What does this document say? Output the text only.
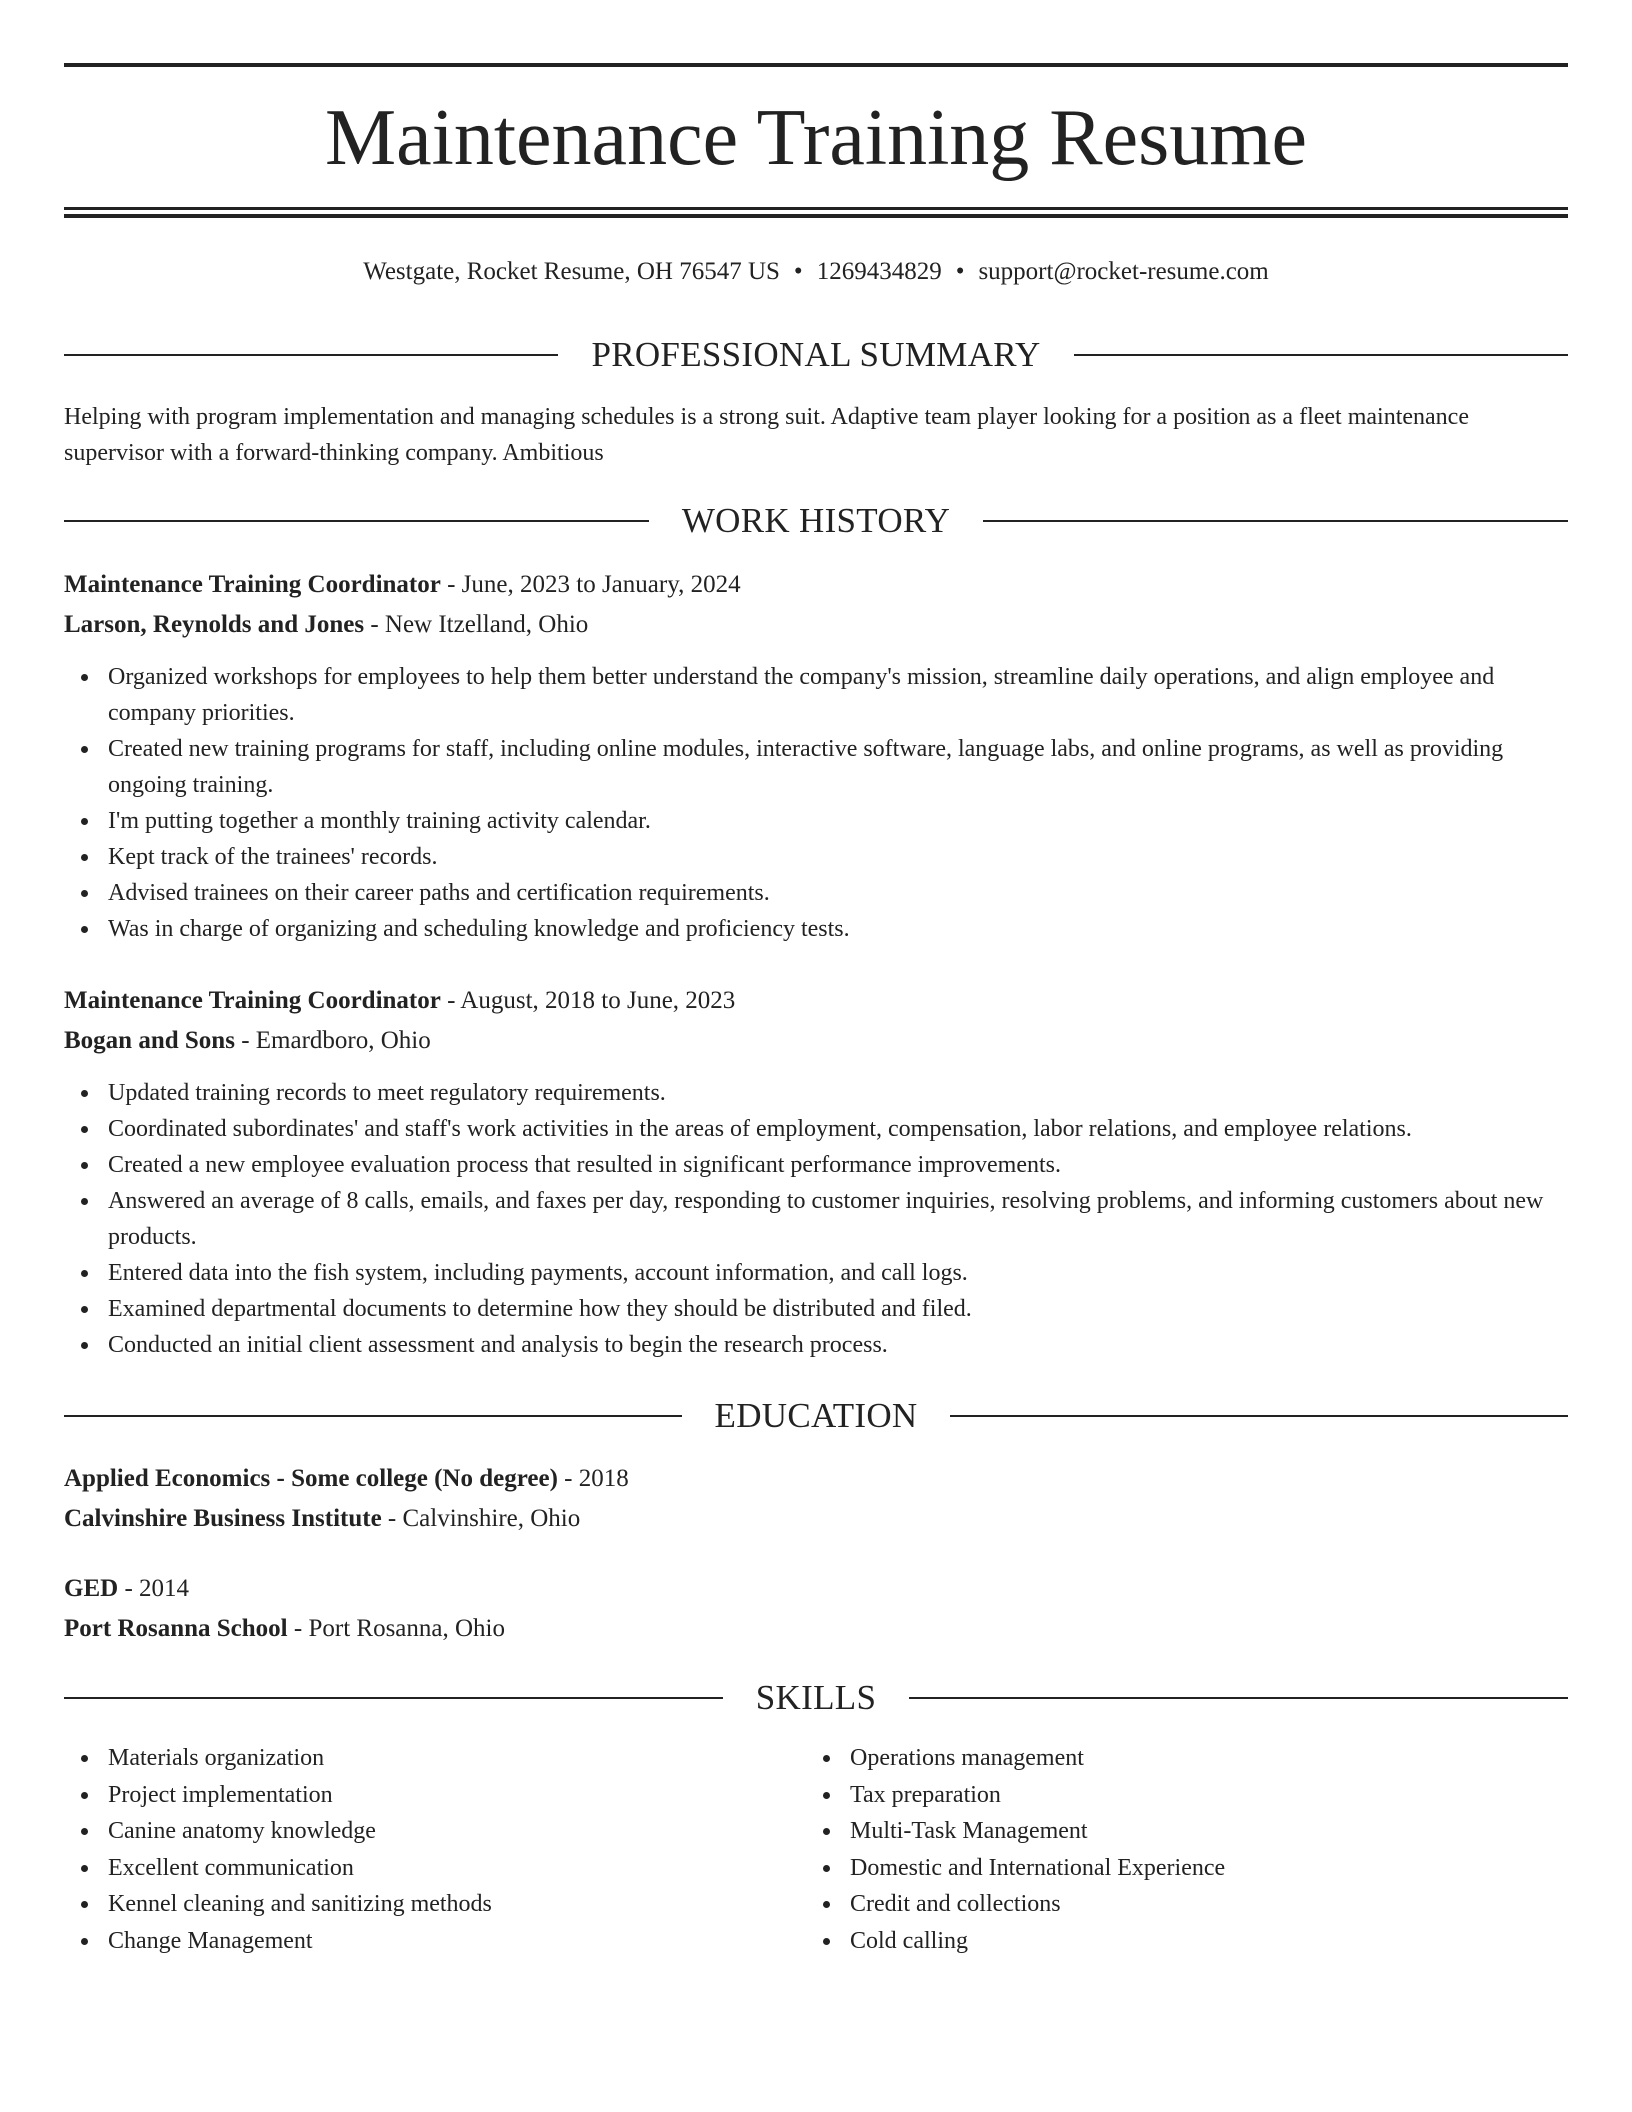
Maintenance Training Resume
Westgate, Rocket Resume, OH 76547 US • 1269434829 • support@rocket-resume.com
PROFESSIONAL SUMMARY

Helping with program implementation and managing schedules is a strong suit. Adaptive team player looking for a position as a fleet maintenance supervisor with a forward-thinking company. Ambitious

WORK HISTORY
Maintenance Training Coordinator - June, 2023 to January, 2024
Larson, Reynolds and Jones - New Itzelland, Ohio
Organized workshops for employees to help them better understand the company's mission, streamline daily operations, and align employee and company priorities.
Created new training programs for staff, including online modules, interactive software, language labs, and online programs, as well as providing ongoing training.
I'm putting together a monthly training activity calendar.
Kept track of the trainees' records.
Advised trainees on their career paths and certification requirements.
Was in charge of organizing and scheduling knowledge and proficiency tests.
Maintenance Training Coordinator - August, 2018 to June, 2023
Bogan and Sons - Emardboro, Ohio
Updated training records to meet regulatory requirements.
Coordinated subordinates' and staff's work activities in the areas of employment, compensation, labor relations, and employee relations.
Created a new employee evaluation process that resulted in significant performance improvements.
Answered an average of 8 calls, emails, and faxes per day, responding to customer inquiries, resolving problems, and informing customers about new products.
Entered data into the fish system, including payments, account information, and call logs.
Examined departmental documents to determine how they should be distributed and filed.
Conducted an initial client assessment and analysis to begin the research process.
EDUCATION
Applied Economics - Some college (No degree) - 2018
Calvinshire Business Institute - Calvinshire, Ohio
GED - 2014
Port Rosanna School - Port Rosanna, Ohio
SKILLS
Materials organization
Project implementation
Canine anatomy knowledge
Excellent communication
Kennel cleaning and sanitizing methods
Change Management
Operations management
Tax preparation
Multi-Task Management
Domestic and International Experience
Credit and collections
Cold calling
